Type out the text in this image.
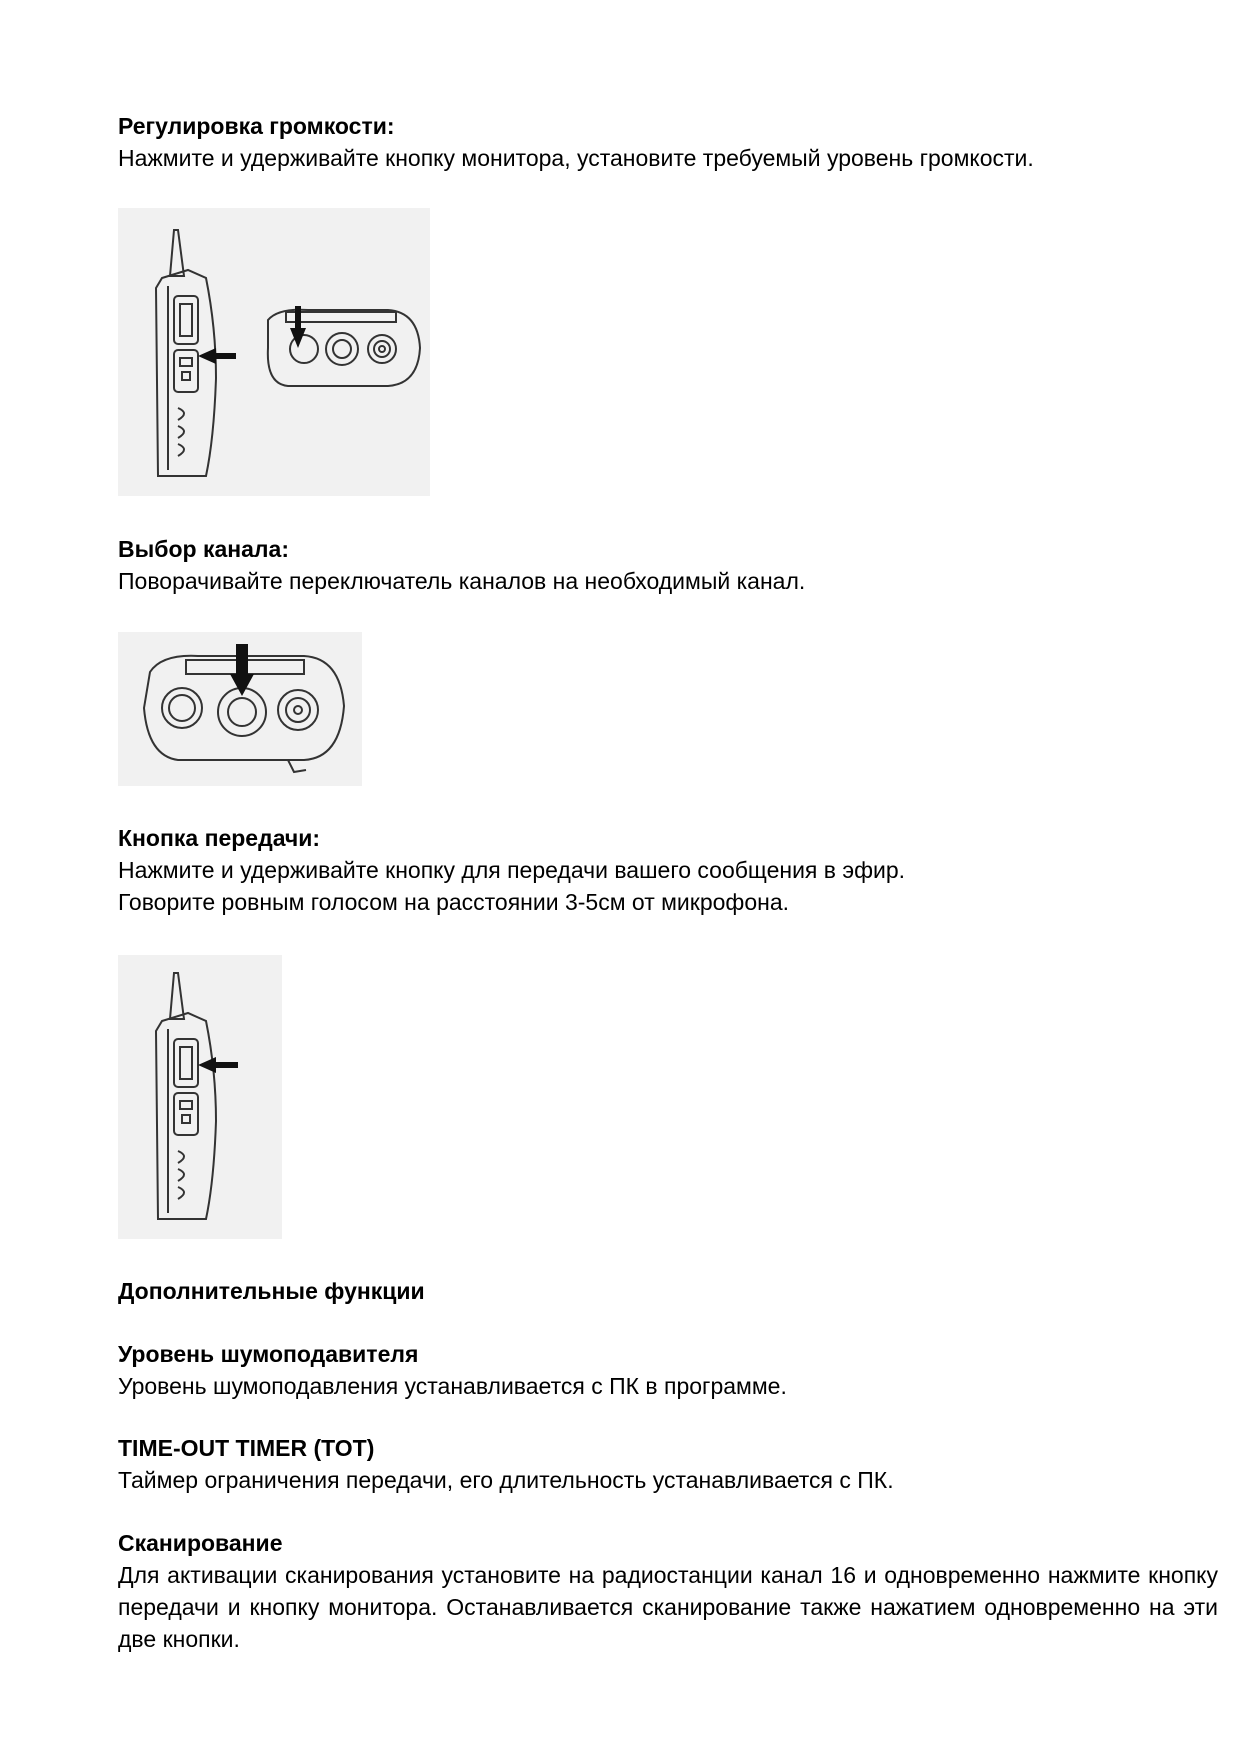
Регулировка громкости:

Нажмите и удерживайте кнопку монитора, установите требуемый уровень громкости.

Выбор канала:

Поворачивайте переключатель каналов на необходимый канал.

Кнопка передачи:

Нажмите и удерживайте кнопку для передачи вашего сообщения в эфир.

Говорите ровным голосом на расстоянии 3-5см от микрофона.

Дополнительные функции

Уровень шумоподавителя

Уровень шумоподавления устанавливается с ПК в программе.

TIME-OUT TIMER (TOT)

Таймер ограничения передачи, его длительность устанавливается с ПК.

Сканирование

Для активации сканирования установите на радиостанции канал 16 и одновременно нажмите кнопку передачи и кнопку монитора. Останавливается сканирование также нажатием одновременно на эти две кнопки.
